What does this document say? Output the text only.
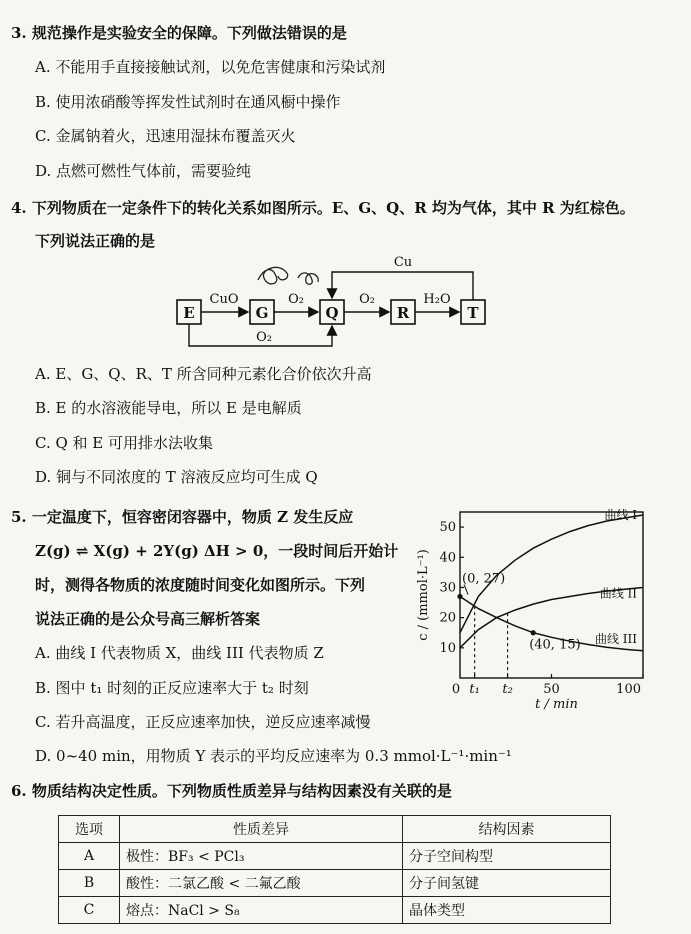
3. 规范操作是实验安全的保障。下列做法错误的是
A. 不能用手直接接触试剂，以免危害健康和污染试剂
B. 使用浓硝酸等挥发性试剂时在通风橱中操作
C. 金属钠着火，迅速用湿抹布覆盖灭火
D. 点燃可燃性气体前，需要验纯
4. 下列物质在一定条件下的转化关系如图所示。E、G、Q、R 均为气体，其中 R 为红棕色。
下列说法正确的是
E	G	Q	R	T
CuO	O₂	O₂	H₂O
O₂
Cu
A. E、G、Q、R、T 所含同种元素化合价依次升高
B. E 的水溶液能导电，所以 E 是电解质
C. Q 和 E 可用排水法收集
D. 铜与不同浓度的 T 溶液反应均可生成 Q
5. 一定温度下，恒容密闭容器中，物质 Z 发生反应
Z(g) ⇌ X(g) + 2Y(g) ΔH > 0，一段时间后开始计
时，测得各物质的浓度随时间变化如图所示。下列
说法正确的是公众号高三解析答案
A. 曲线 I 代表物质 X，曲线 III 代表物质 Z
B. 图中 t₁ 时刻的正反应速率大于 t₂ 时刻
C. 若升高温度，正反应速率加快，逆反应速率减慢
D. 0~40 min，用物质 Y 表示的平均反应速率为 0.3 mmol·L⁻¹·min⁻¹
10
20
30
40
50
0 t₁ t₂ 50	100
t / min
c / (mmol·L⁻¹)
曲线 I
曲线 II
曲线 III
(0, 27)
(40, 15)
6. 物质结构决定性质。下列物质性质差异与结构因素没有关联的是
选项	性质差异	结构因素
A	极性：BF₃ < PCl₃	分子空间构型
B	酸性：二氯乙酸 < 二氟乙酸	分子间氢键
C	熔点：NaCl > S₈	晶体类型
